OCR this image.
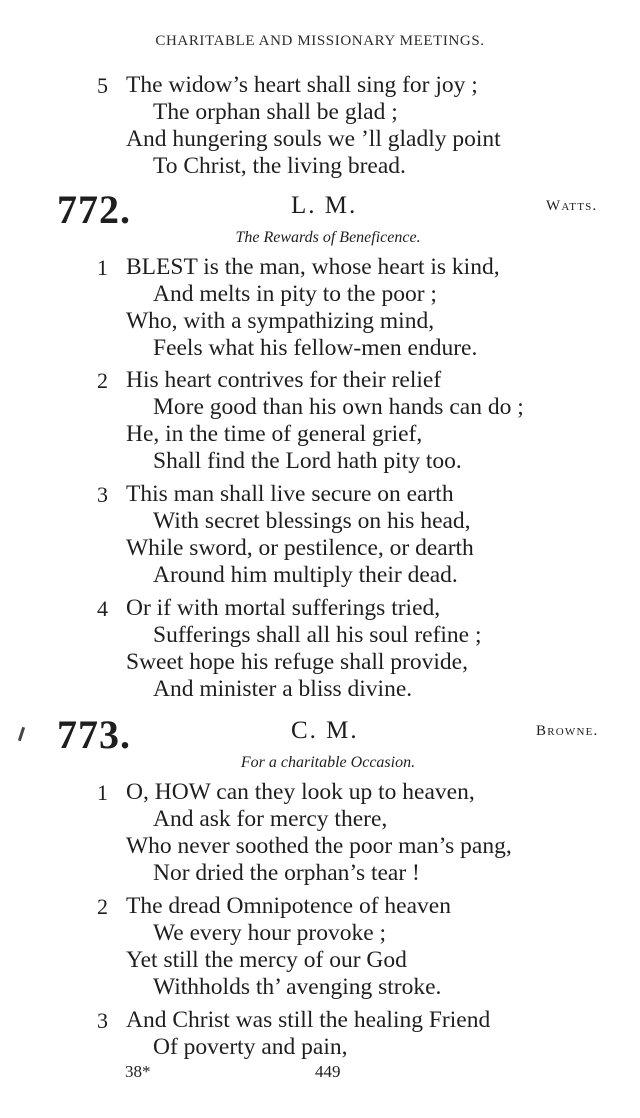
CHARITABLE AND MISSIONARY MEETINGS.
5 The widow’s heart shall sing for joy ;
The orphan shall be glad ;
And hungering souls we ’ll gladly point
To Christ, the living bread.
772.	L. M.	Watts.
The Rewards of Beneficence.
1 BLEST is the man, whose heart is kind,
And melts in pity to the poor ;
Who, with a sympathizing mind,
Feels what his fellow-men endure.
2 His heart contrives for their relief
More good than his own hands can do ;
He, in the time of general grief,
Shall find the Lord hath pity too.
3 This man shall live secure on earth
With secret blessings on his head,
While sword, or pestilence, or dearth
Around him multiply their dead.
4 Or if with mortal sufferings tried,
Sufferings shall all his soul refine ;
Sweet hope his refuge shall provide,
And minister a bliss divine.
773.	C. M.	Browne.
For a charitable Occasion.
1 O, HOW can they look up to heaven,
And ask for mercy there,
Who never soothed the poor man’s pang,
Nor dried the orphan’s tear !
2 The dread Omnipotence of heaven
We every hour provoke ;
Yet still the mercy of our God
Withholds th’ avenging stroke.
3 And Christ was still the healing Friend
Of poverty and pain,
38*	449
